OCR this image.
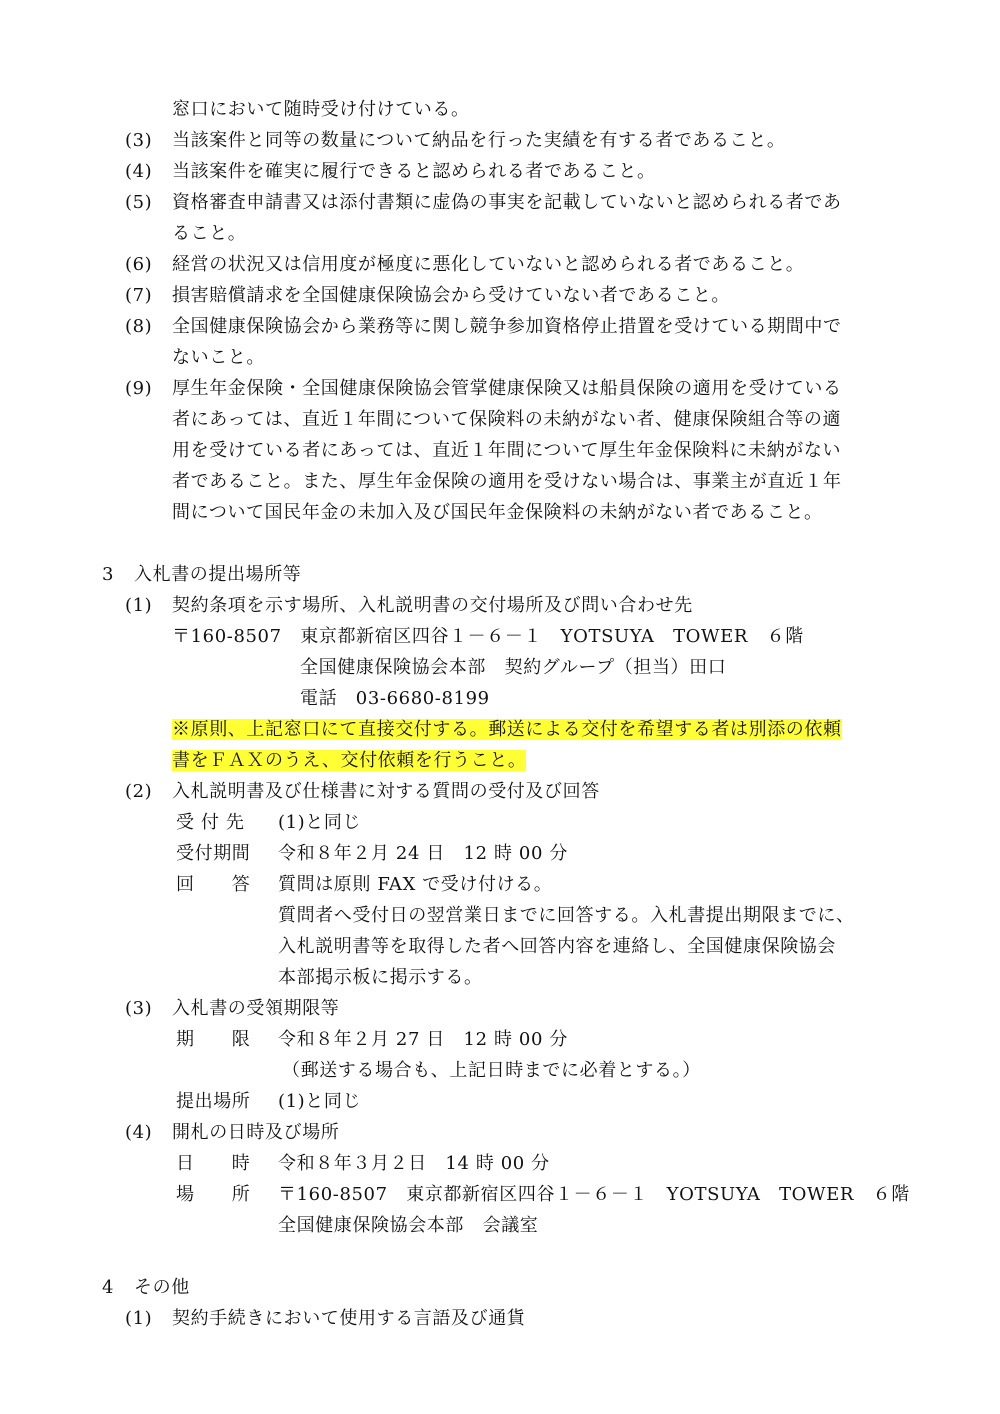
窓口において随時受け付けている。
(3) 当該案件と同等の数量について納品を行った実績を有する者であること。
(4) 当該案件を確実に履行できると認められる者であること。
(5) 資格審査申請書又は添付書類に虚偽の事実を記載していないと認められる者であ
ること。
(6) 経営の状況又は信用度が極度に悪化していないと認められる者であること。
(7) 損害賠償請求を全国健康保険協会から受けていない者であること。
(8) 全国健康保険協会から業務等に関し競争参加資格停止措置を受けている期間中で
ないこと。
(9) 厚生年金保険・全国健康保険協会管掌健康保険又は船員保険の適用を受けている
者にあっては、直近１年間について保険料の未納がない者、健康保険組合等の適
用を受けている者にあっては、直近１年間について厚生年金保険料に未納がない
者であること。また、厚生年金保険の適用を受けない場合は、事業主が直近１年
間について国民年金の未加入及び国民年金保険料の未納がない者であること。
3 入札書の提出場所等
(1) 契約条項を示す場所、入札説明書の交付場所及び問い合わせ先
〒160-8507　東京都新宿区四谷１－６－１　YOTSUYA　TOWER　６階
全国健康保険協会本部　契約グループ（担当）田口
電話　03-6680-8199
※原則、上記窓口にて直接交付する。郵送による交付を希望する者は別添の依頼
書をＦＡＸのうえ、交付依頼を行うこと。
(2) 入札説明書及び仕様書に対する質問の受付及び回答
受 付 先 (1)と同じ
受付期間 令和８年２月 24 日　12 時 00 分
回　　答 質問は原則 FAX で受け付ける。
質問者へ受付日の翌営業日までに回答する。入札書提出期限までに、
入札説明書等を取得した者へ回答内容を連絡し、全国健康保険協会
本部掲示板に掲示する。
(3) 入札書の受領期限等
期　　限 令和８年２月 27 日　12 時 00 分
（郵送する場合も、上記日時までに必着とする。）
提出場所 (1)と同じ
(4) 開札の日時及び場所
日　　時 令和８年３月２日　14 時 00 分
場　　所 〒160-8507　東京都新宿区四谷１－６－１　YOTSUYA　TOWER　６階
全国健康保険協会本部　会議室
4 その他
(1) 契約手続きにおいて使用する言語及び通貨
